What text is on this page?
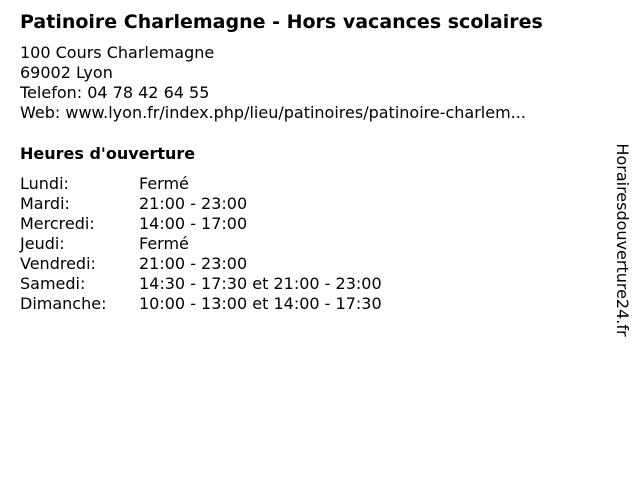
Patinoire Charlemagne - Hors vacances scolaires
100 Cours Charlemagne
69002 Lyon
Telefon: 04 78 42 64 55
Web: www.lyon.fr/index.php/lieu/patinoires/patinoire-charlem...
Heures d'ouverture
Lundi:	Fermé
Mardi:	21:00 - 23:00
Mercredi:	14:00 - 17:00
Jeudi:	Fermé
Vendredi:	21:00 - 23:00
Samedi:	14:30 - 17:30 et 21:00 - 23:00
Dimanche:	10:00 - 13:00 et 14:00 - 17:30	Horairesdouverture24.fr
